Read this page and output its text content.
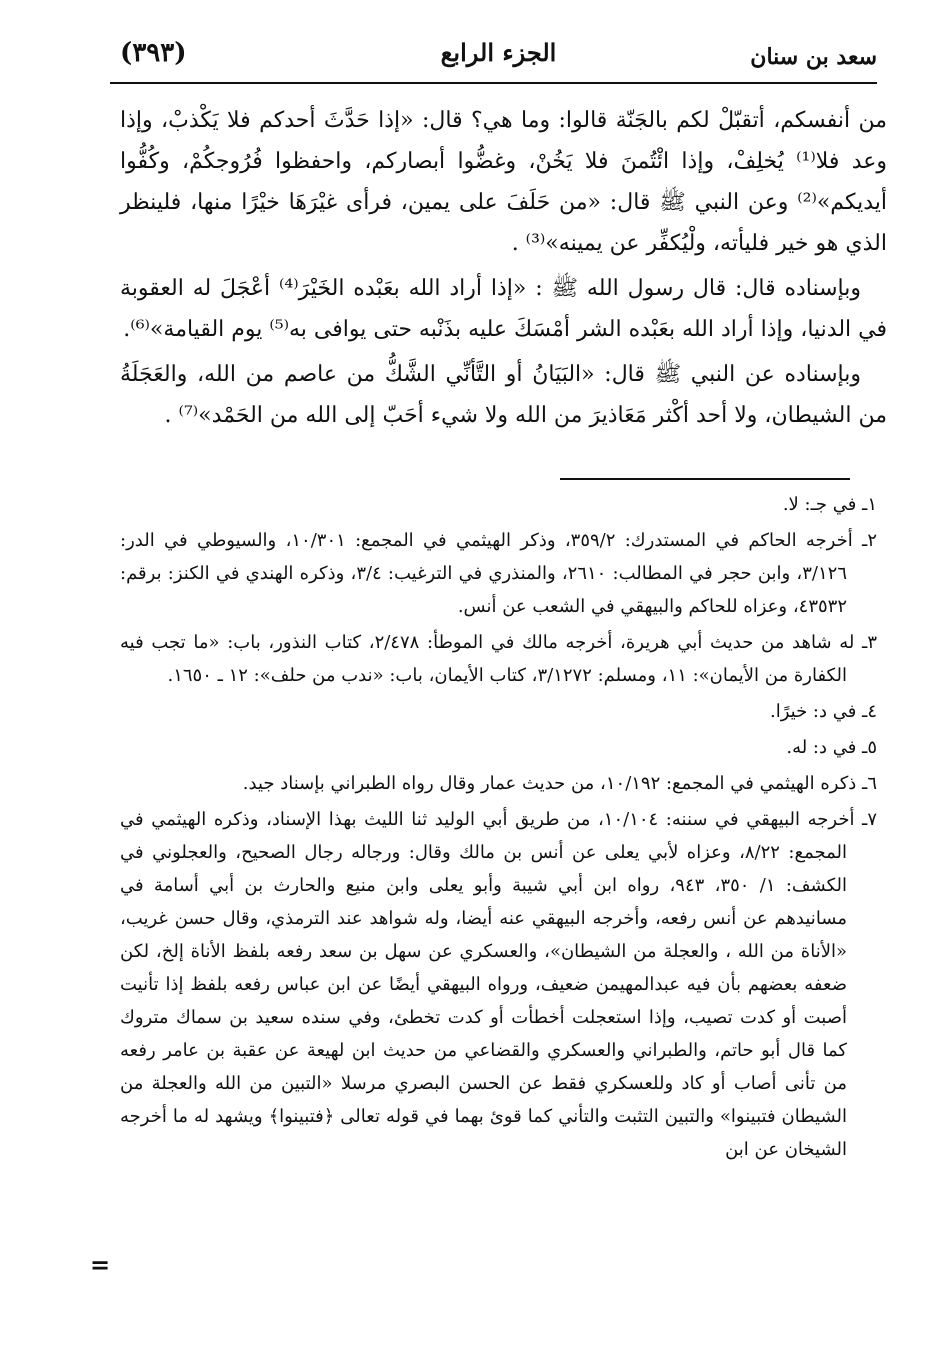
(٣٩٣)	الجزء الرابع	سعد بن سنان

من أنفسكم، أتقبّلْ لكم بالجَنّة قالوا: وما هي؟ قال: «إذا حَدَّثَ أحدكم فلا يَكْذبْ، وإذا وعد فلا⁽¹⁾ يُخلِفْ، وإذا ائْتُمنَ فلا يَخُنْ، وغضُّوا أبصاركم، واحفظوا فُرُوجكُمْ، وكُفُّوا أيديكم»⁽²⁾ وعن النبي ﷺ قال: «من حَلَفَ على يمين، فرأى غيْرَهَا خيْرًا منها، فلينظر الذي هو خير فليأته، ولْيُكفِّر عن يمينه»⁽³⁾ .

وبإسناده قال: قال رسول الله ﷺ : «إذا أراد الله بعَبْده الخَيْرَ⁽⁴⁾ أعْجَلَ له العقوبة في الدنيا، وإذا أراد الله بعَبْده الشر أمْسَكَ عليه بذَنْبه حتى يوافى به⁽⁵⁾ يوم القيامة»⁽⁶⁾.

وبإسناده عن النبي ﷺ قال: «البَيَانُ أو التَّأنِّي الشَّكُّ من عاصم من الله، والعَجَلَةُ من الشيطان، ولا أحد أكْثر مَعَاذيرَ من الله ولا شيء أحَبّ إلى الله من الحَمْد»⁽⁷⁾ .

١ـ في جـ: لا.

٢ـ أخرجه الحاكم في المستدرك: ٣٥٩/٢، وذكر الهيثمي في المجمع: ١٠/٣٠١، والسيوطي في الدر: ٣/١٢٦، وابن حجر في المطالب: ٢٦١٠، والمنذري في الترغيب: ٣/٤، وذكره الهندي في الكنز: برقم: ٤٣٥٣٢، وعزاه للحاكم والبيهقي في الشعب عن أنس.

٣ـ له شاهد من حديث أبي هريرة، أخرجه مالك في الموطأ: ٢/٤٧٨، كتاب النذور، باب: «ما تجب فيه الكفارة من الأيمان»: ١١، ومسلم: ٣/١٢٧٢، كتاب الأيمان، باب: «ندب من حلف»: ١٢ ـ ١٦٥٠.

٤ـ في د: خيرًا.

٥ـ في د: له.

٦ـ ذكره الهيثمي في المجمع: ١٠/١٩٢، من حديث عمار وقال رواه الطبراني بإسناد جيد.

٧ـ أخرجه البيهقي في سننه: ١٠/١٠٤، من طريق أبي الوليد ثنا الليث بهذا الإسناد، وذكره الهيثمي في المجمع: ٨/٢٢، وعزاه لأبي يعلى عن أنس بن مالك وقال: ورجاله رجال الصحيح، والعجلوني في الكشف: ١/ ٣٥٠، ٩٤٣، رواه ابن أبي شيبة وأبو يعلى وابن منيع والحارث بن أبي أسامة في مسانيدهم عن أنس رفعه، وأخرجه البيهقي عنه أيضا، وله شواهد عند الترمذي، وقال حسن غريب، «الأناة من الله ، والعجلة من الشيطان»، والعسكري عن سهل بن سعد رفعه بلفظ الأناة إلخ، لكن ضعفه بعضهم بأن فيه عبدالمهيمن ضعيف، ورواه البيهقي أيضًا عن ابن عباس رفعه بلفظ إذا تأنيت أصبت أو كدت تصيب، وإذا استعجلت أخطأت أو كدت تخطئ، وفي سنده سعيد بن سماك متروك كما قال أبو حاتم، والطبراني والعسكري والقضاعي من حديث ابن لهيعة عن عقبة بن عامر رفعه من تأنى أصاب أو كاد وللعسكري فقط عن الحسن البصري مرسلا «التبين من الله والعجلة من الشيطان فتبينوا» والتبين التثبت والتأني كما قوئ بهما في قوله تعالى ﴿فتبينوا﴾ ويشهد له ما أخرجه الشيخان عن ابن

=
